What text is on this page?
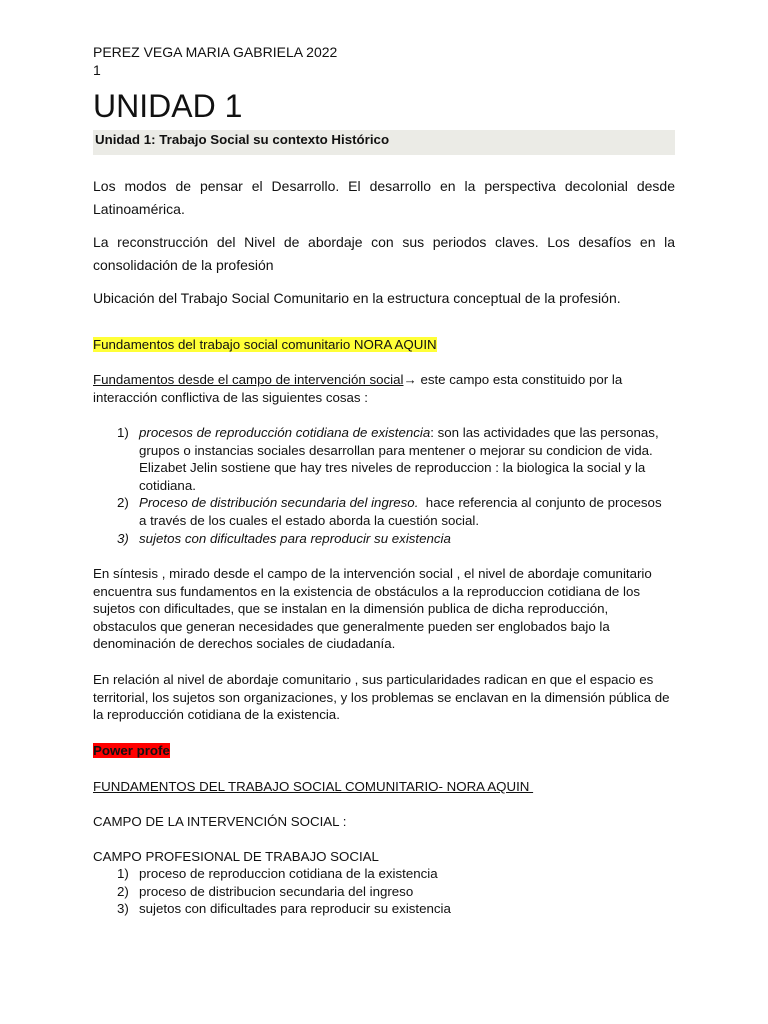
PEREZ VEGA MARIA GABRIELA 2022

1

UNIDAD 1
Unidad 1: Trabajo Social su contexto Histórico

Los modos de pensar el Desarrollo. El desarrollo en la perspectiva decolonial desde Latinoamérica.

La reconstrucción del Nivel de abordaje con sus periodos claves. Los desafíos en la consolidación de la profesión

Ubicación del Trabajo Social Comunitario en la estructura conceptual de la profesión.

Fundamentos del trabajo social comunitario NORA AQUIN

Fundamentos desde el campo de intervención social→ este campo esta constituido por la interacción conflictiva de las siguientes cosas :

1) procesos de reproducción cotidiana de existencia: son las actividades que las personas, grupos o instancias sociales desarrollan para mentener o mejorar su condicion de vida.
Elizabet Jelin sostiene que hay tres niveles de reproduccion : la biologica la social y la cotidiana.
2) Proceso de distribución secundaria del ingreso.  hace referencia al conjunto de procesos a través de los cuales el estado aborda la cuestión social.
3) sujetos con dificultades para reproducir su existencia

En síntesis , mirado desde el campo de la intervención social , el nivel de abordaje comunitario encuentra sus fundamentos en la existencia de obstáculos a la reproduccion cotidiana de los sujetos con dificultades, que se instalan en la dimensión publica de dicha reproducción, obstaculos que generan necesidades que generalmente pueden ser englobados bajo la denominación de derechos sociales de ciudadanía.

En relación al nivel de abordaje comunitario , sus particularidades radican en que el espacio es territorial, los sujetos son organizaciones, y los problemas se enclavan en la dimensión pública de la reproducción cotidiana de la existencia.

Power profe

FUNDAMENTOS DEL TRABAJO SOCIAL COMUNITARIO- NORA AQUIN

CAMPO DE LA INTERVENCIÓN SOCIAL :

CAMPO PROFESIONAL DE TRABAJO SOCIAL

1) proceso de reproduccion cotidiana de la existencia
2) proceso de distribucion secundaria del ingreso
3) sujetos con dificultades para reproducir su existencia
